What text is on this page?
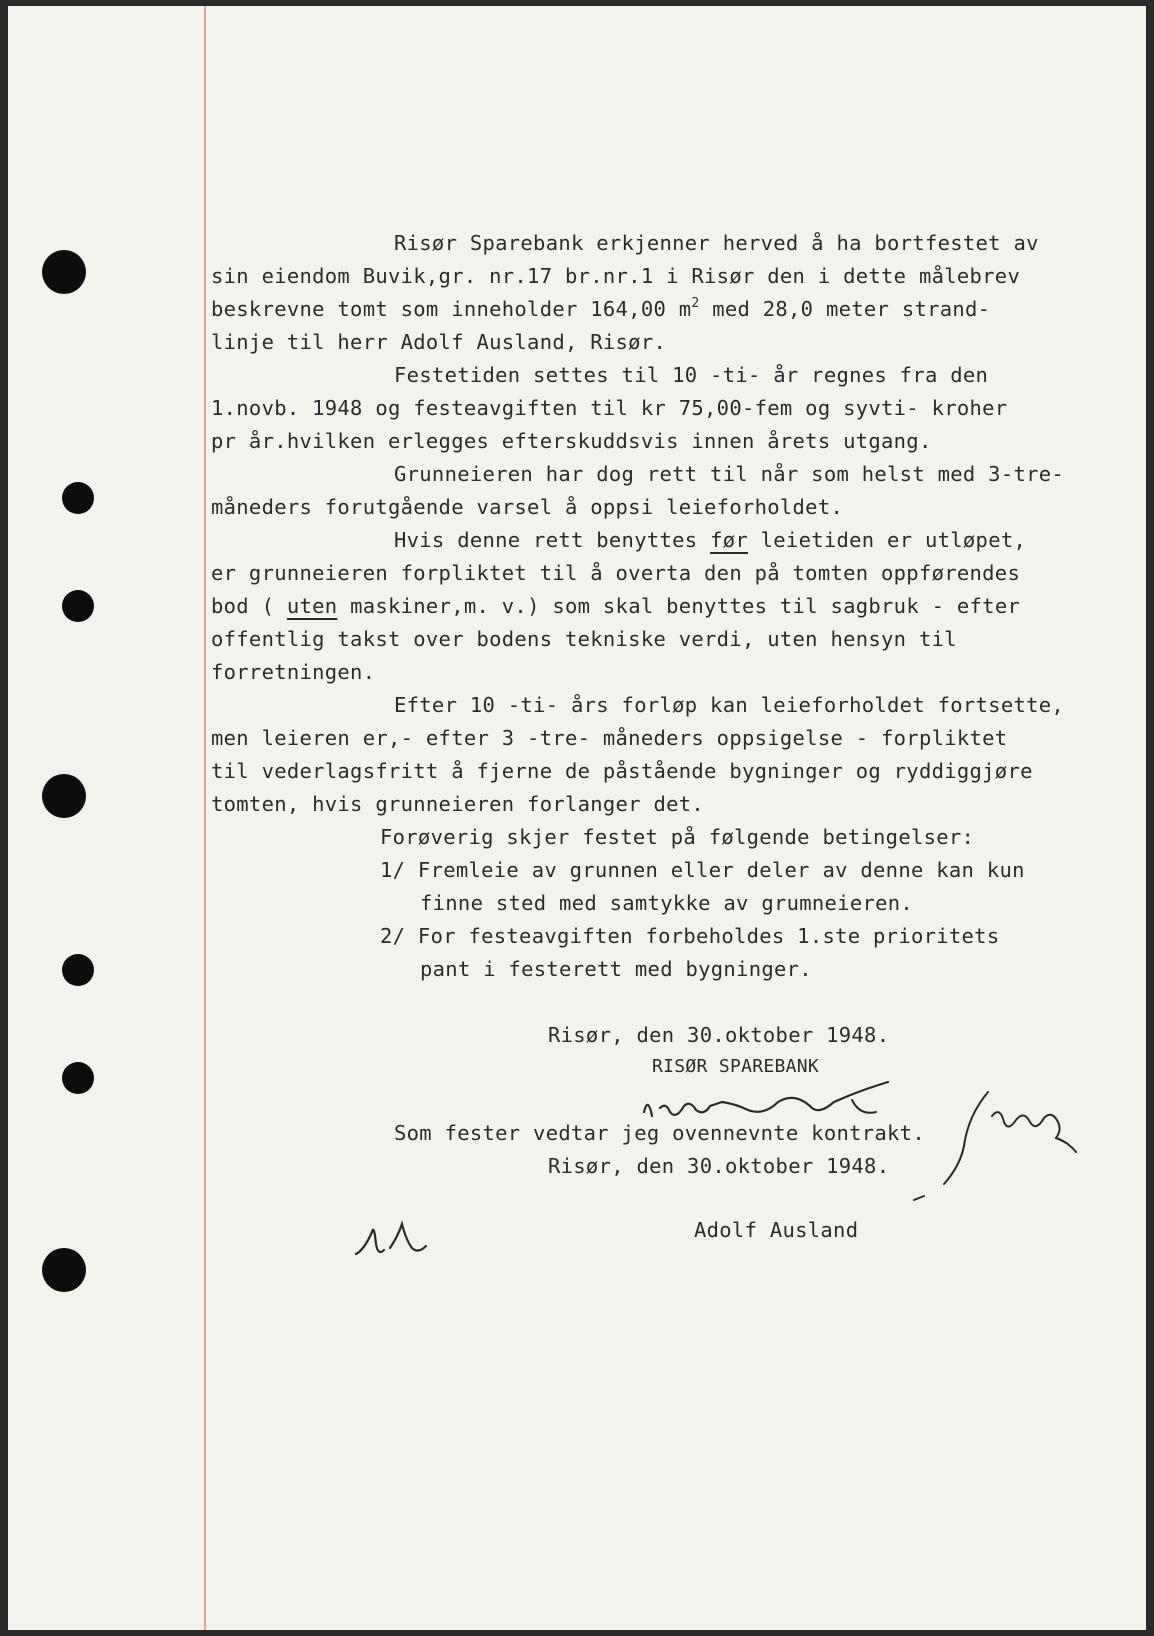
Risør Sparebank erkjenner herved å ha bortfestet av
sin eiendom Buvik,gr. nr.17 br.nr.1 i Risør den i dette målebrev
beskrevne tomt som inneholder 164,00 $m^2$ med 28,0 meter strand-
linje til herr Adolf Ausland, Risør.
Festetiden settes til 10 -ti- år regnes fra den
1.novb. 1948 og festeavgiften til kr 75,00-fem og syvti- kroher
pr år.hvilken erlegges efterskuddsvis innen årets utgang.
Grunneieren har dog rett til når som helst med 3-tre-
måneders forutgående varsel å oppsi leieforholdet.
Hvis denne rett benyttes før leietiden er utløpet,
er grunneieren forpliktet til å overta den på tomten oppførendes
bod ( uten maskiner,m. v.) som skal benyttes til sagbruk - efter
offentlig takst over bodens tekniske verdi, uten hensyn til
forretningen.
Efter 10 -ti- års forløp kan leieforholdet fortsette,
men leieren er,- efter 3 -tre- måneders oppsigelse - forpliktet
til vederlagsfritt å fjerne de påstående bygninger og ryddiggjøre
tomten, hvis grunneieren forlanger det.
Forøverig skjer festet på følgende betingelser:
1/ Fremleie av grunnen eller deler av denne kan kun
finne sted med samtykke av grumneieren.
2/ For festeavgiften forbeholdes 1.ste prioritets
pant i festerett med bygninger.
Risør, den 30.oktober 1948.
RISØR SPAREBANK
Som fester vedtar jeg ovennevnte kontrakt.
Risør, den 30.oktober 1948.
Adolf Ausland
